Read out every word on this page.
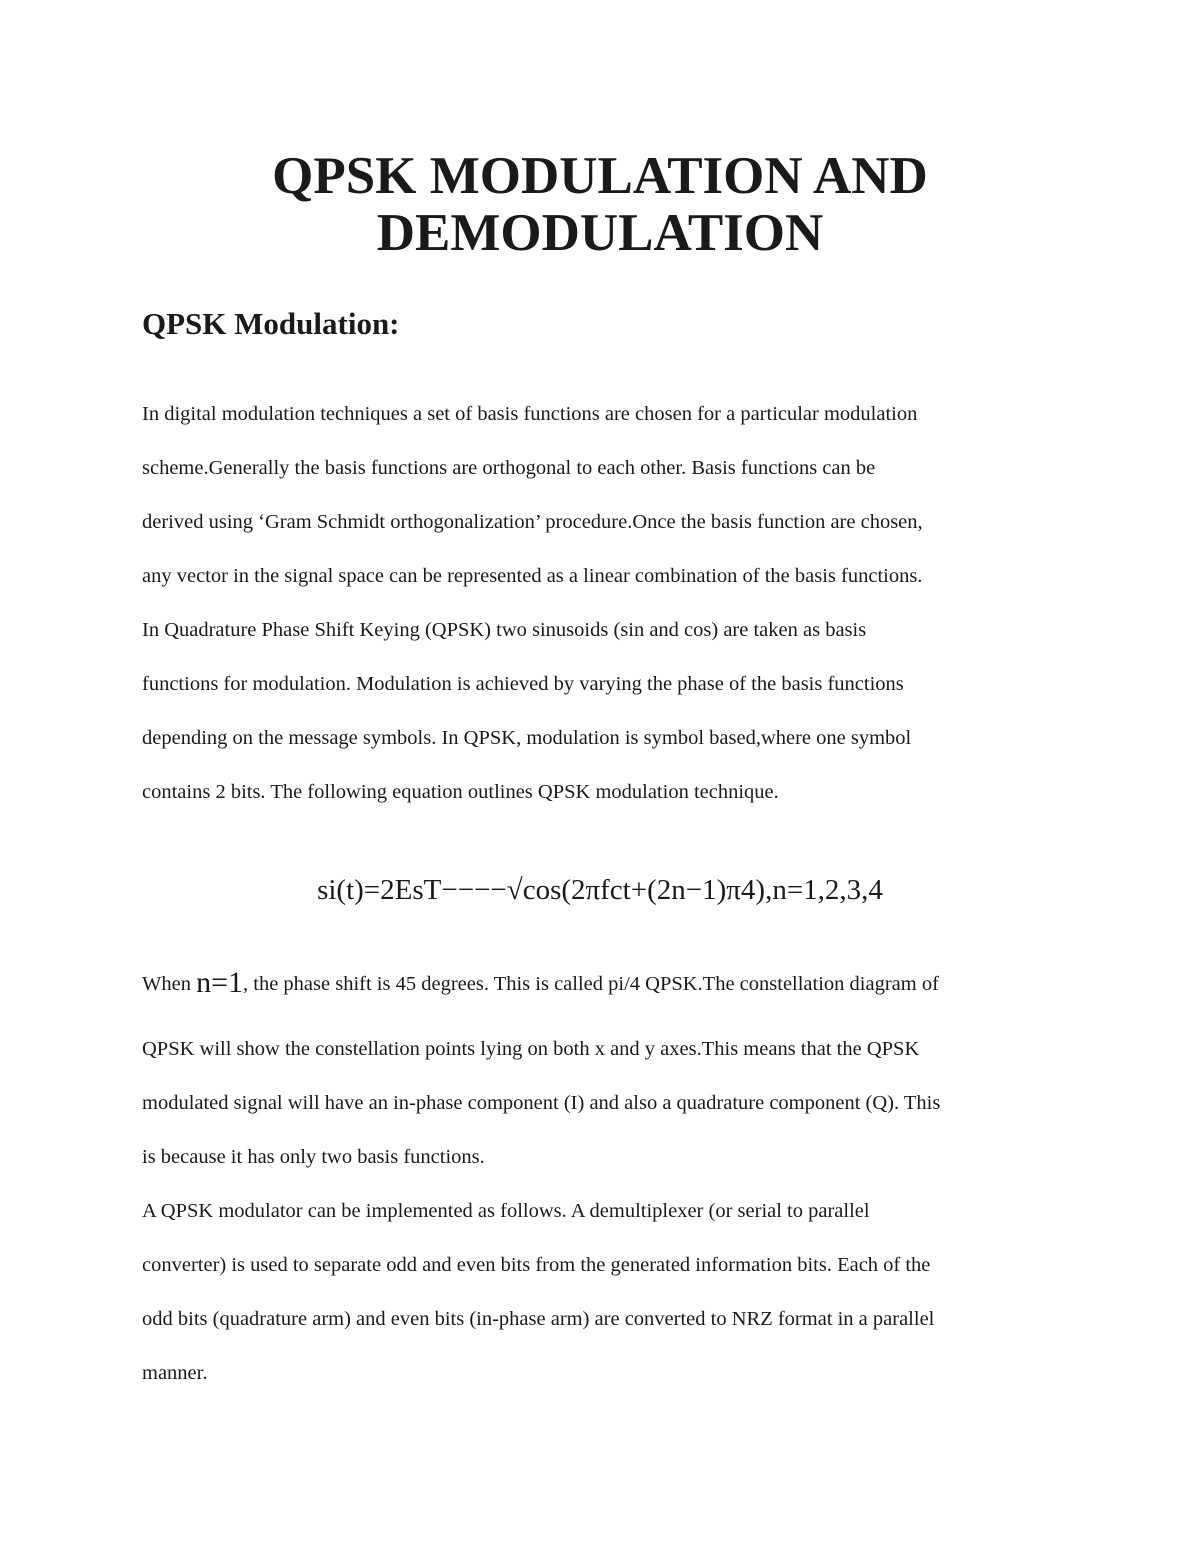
QPSK MODULATION AND
DEMODULATION
QPSK Modulation:

In digital modulation techniques a set of basis functions are chosen for a particular modulation

scheme.Generally the basis functions are orthogonal to each other. Basis functions can be

derived using ‘Gram Schmidt orthogonalization’ procedure.Once the basis function are chosen,

any vector in the signal space can be represented as a linear combination of the basis functions.

In Quadrature Phase Shift Keying (QPSK) two sinusoids (sin and cos) are taken as basis

functions for modulation. Modulation is achieved by varying the phase of the basis functions

depending on the message symbols. In QPSK, modulation is symbol based,where one symbol

contains 2 bits. The following equation outlines QPSK modulation technique.

si(t)=2EsT−−−−√cos(2πfct+(2n−1)π4),n=1,2,3,4

When n=1, the phase shift is 45 degrees. This is called pi/4 QPSK.The constellation diagram of

QPSK will show the constellation points lying on both x and y axes.This means that the QPSK

modulated signal will have an in-phase component (I) and also a quadrature component (Q). This

is because it has only two basis functions.

A QPSK modulator can be implemented as follows. A demultiplexer (or serial to parallel

converter) is used to separate odd and even bits from the generated information bits. Each of the

odd bits (quadrature arm) and even bits (in-phase arm) are converted to NRZ format in a parallel

manner.
